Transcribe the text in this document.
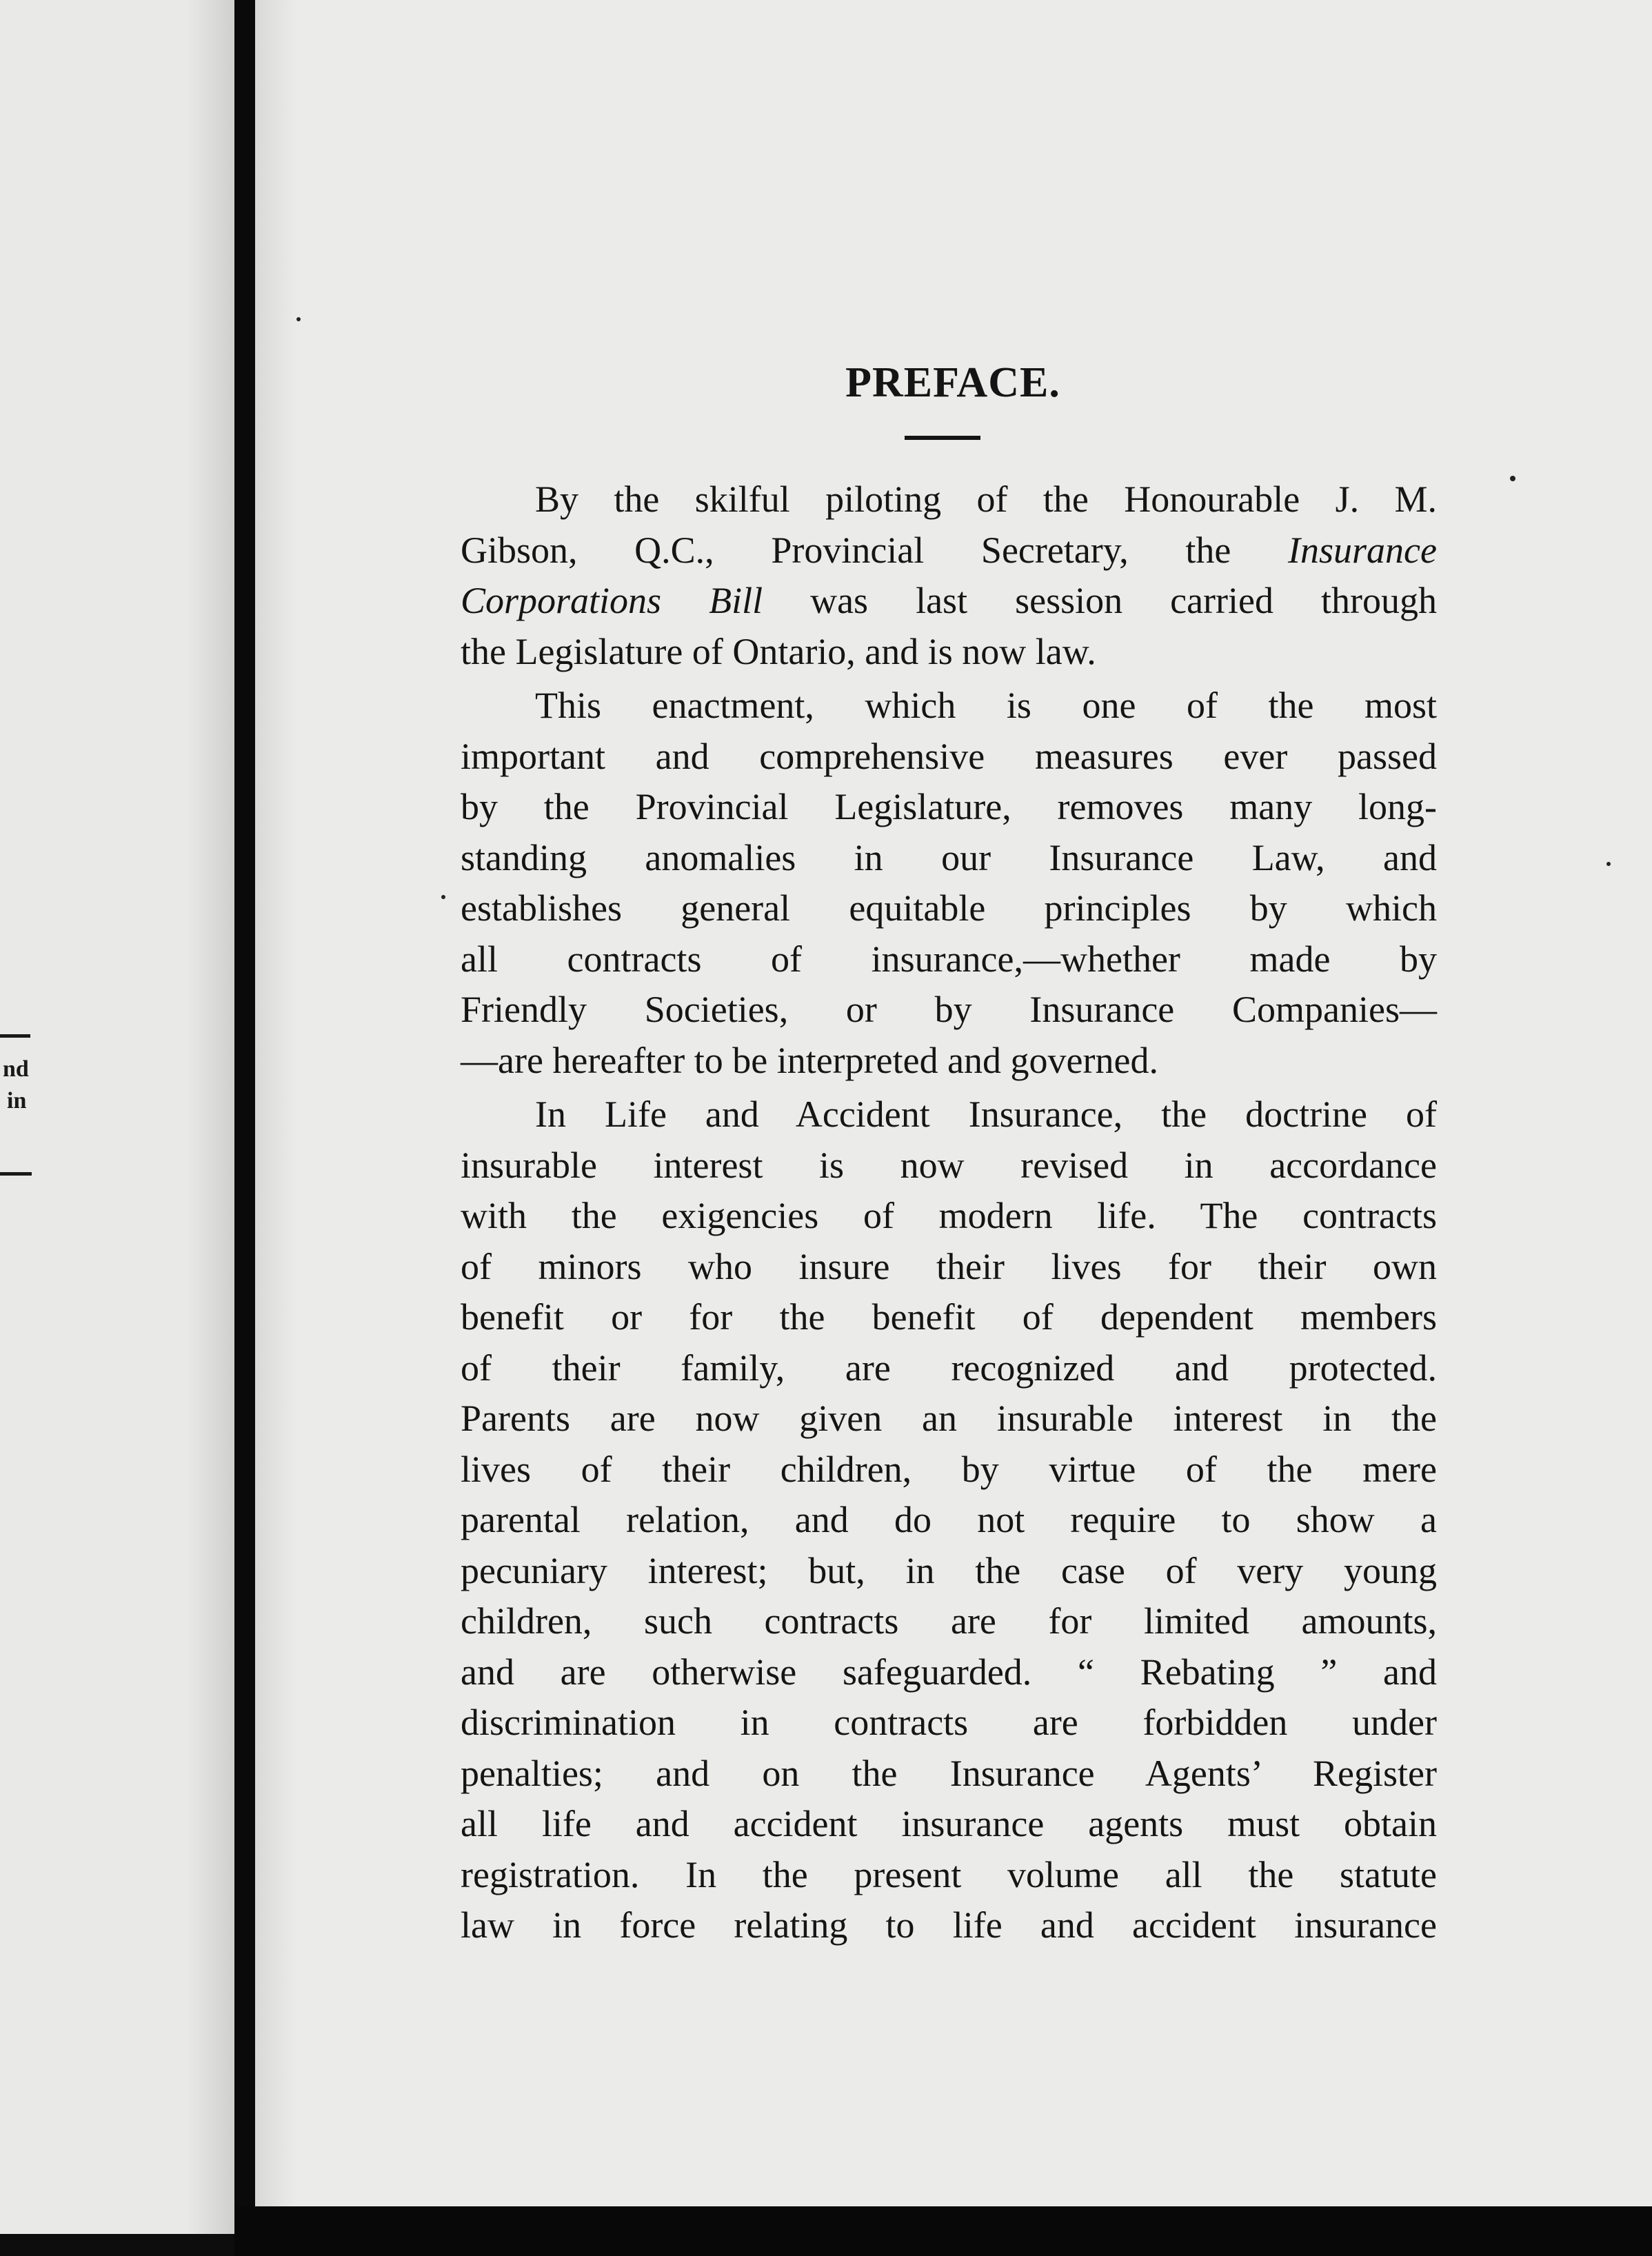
nd
in
PREFACE.

By the skilful piloting of the Honourable J. M.
Gibson, Q.C., Provincial Secretary, the Insurance
Corporations Bill was last session carried through
the Legislature of Ontario, and is now law.

This enactment, which is one of the most
important and comprehensive measures ever passed
by the Provincial Legislature, removes many long-
standing anomalies in our Insurance Law, and
establishes general equitable principles by which
all contracts of insurance,—whether made by
Friendly Societies, or by Insurance Companies—
—are hereafter to be interpreted and governed.

In Life and Accident Insurance, the doctrine of
insurable interest is now revised in accordance
with the exigencies of modern life. The contracts
of minors who insure their lives for their own
benefit or for the benefit of dependent members
of their family, are recognized and protected.
Parents are now given an insurable interest in the
lives of their children, by virtue of the mere
parental relation, and do not require to show a
pecuniary interest; but, in the case of very young
children, such contracts are for limited amounts,
and are otherwise safeguarded. “ Rebating ” and
discrimination in contracts are forbidden under
penalties; and on the Insurance Agents’ Register
all life and accident insurance agents must obtain
registration. In the present volume all the statute
law in force relating to life and accident insurance
